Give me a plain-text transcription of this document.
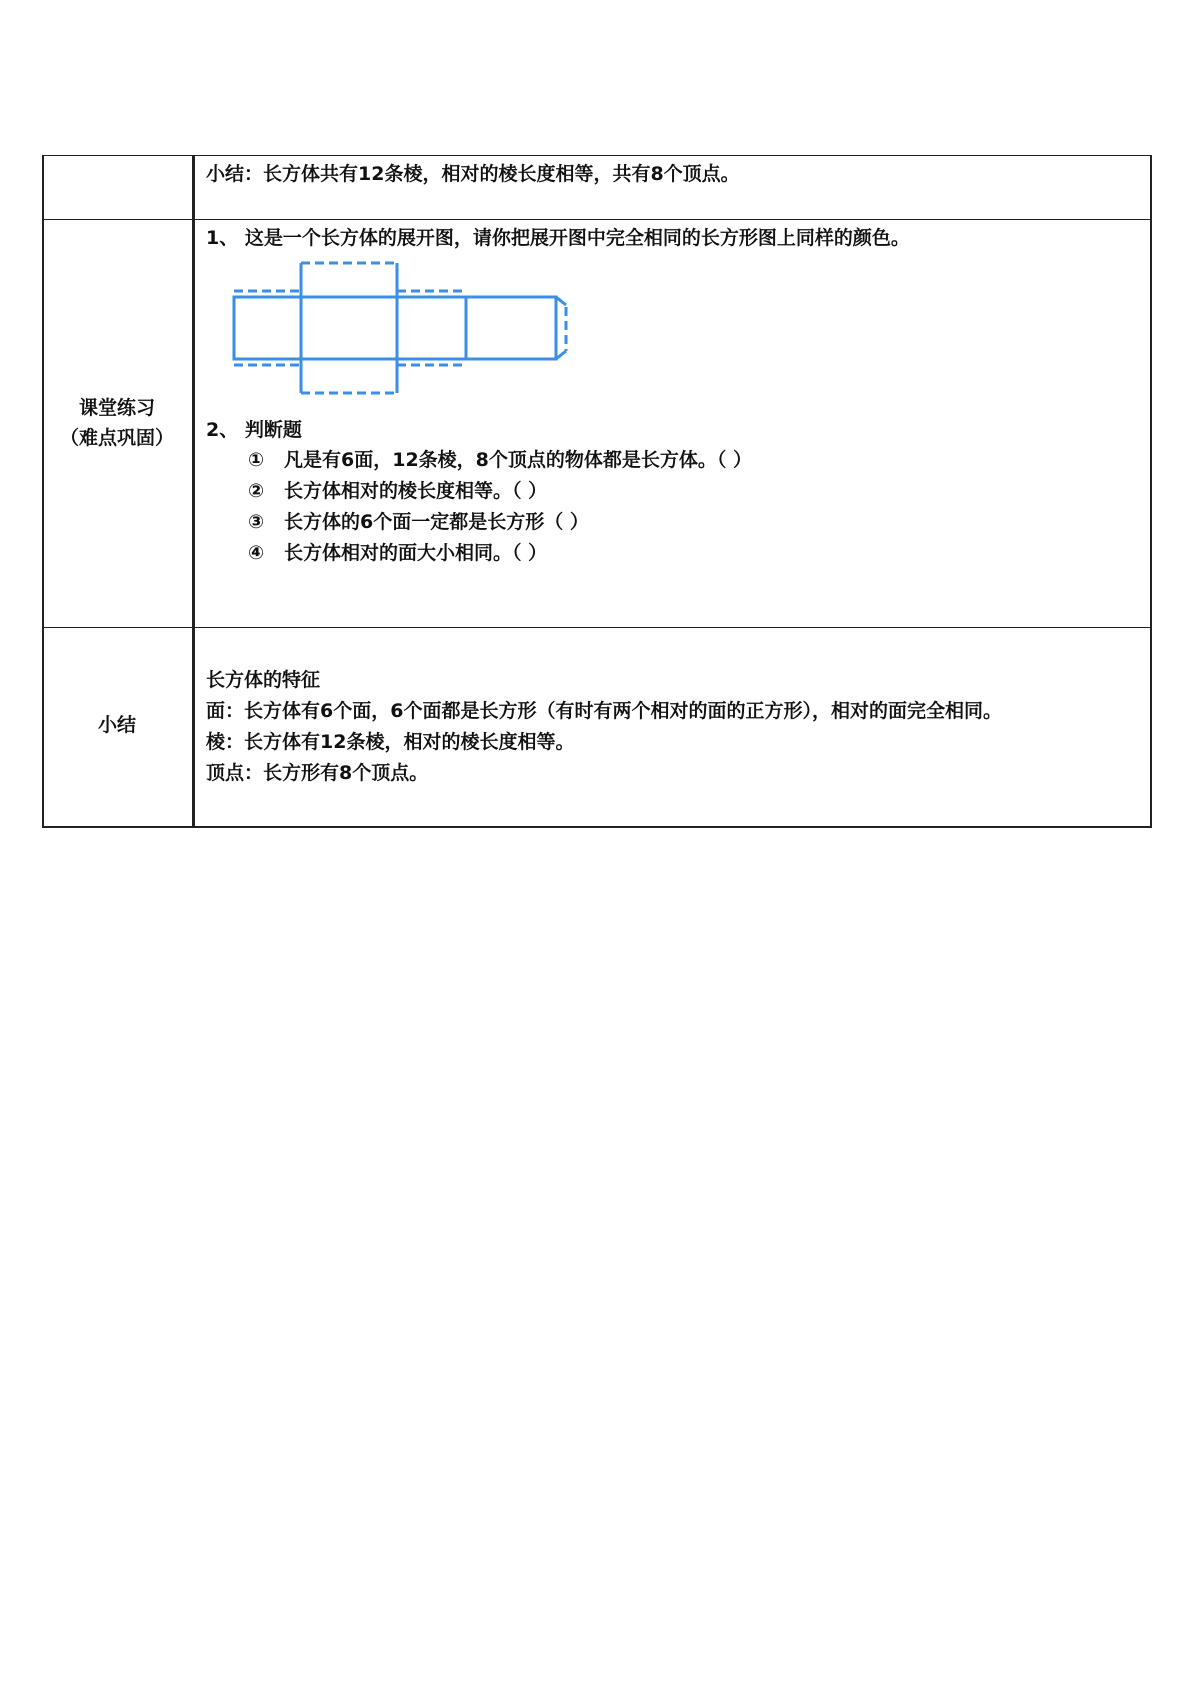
小结：长方体共有12条棱，相对的棱长度相等，共有8个顶点。
课堂练习
（难点巩固）
1、 这是一个长方体的展开图，请你把展开图中完全相同的长方形图上同样的颜色。
2、 判断题
① 凡是有6面，12条棱，8个顶点的物体都是长方体。（ ）
② 长方体相对的棱长度相等。（ ）
③ 长方体的6个面一定都是长方形（ ）
④ 长方体相对的面大小相同。（ ）
小结
长方体的特征
面：长方体有6个面，6个面都是长方形（有时有两个相对的面的正方形），相对的面完全相同。
棱：长方体有12条棱，相对的棱长度相等。
顶点：长方形有8个顶点。
